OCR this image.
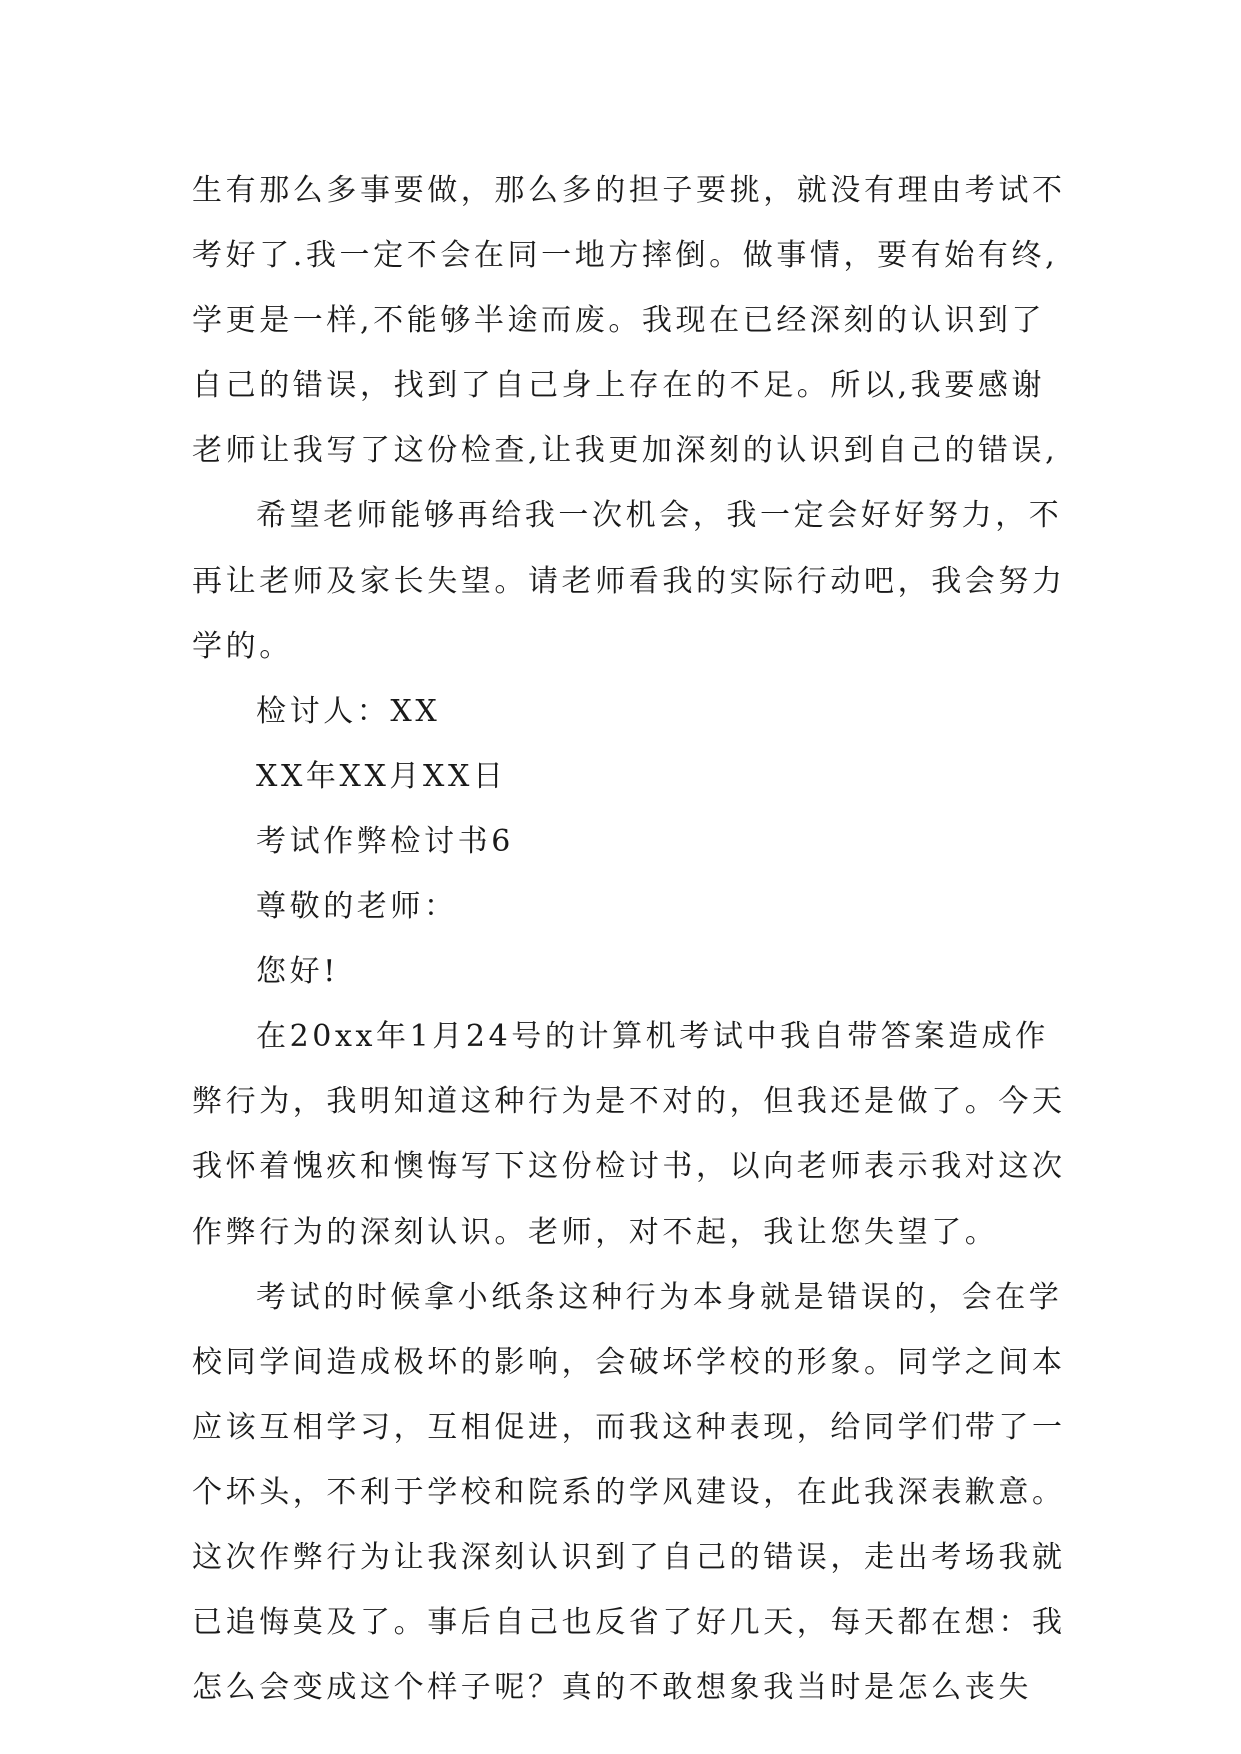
生有那么多事要做，那么多的担子要挑，就没有理由考试不
考好了.我一定不会在同一地方摔倒。做事情，要有始有终,
学更是一样,不能够半途而废。我现在已经深刻的认识到了
自己的错误，找到了自己身上存在的不足。所以,我要感谢
老师让我写了这份检查,让我更加深刻的认识到自己的错误,
希望老师能够再给我一次机会，我一定会好好努力，不
再让老师及家长失望。请老师看我的实际行动吧，我会努力
学的。
检讨人：XX
XX年XX月XX日
考试作弊检讨书6
尊敬的老师：
您好!
在20xx年1月24号的计算机考试中我自带答案造成作
弊行为，我明知道这种行为是不对的，但我还是做了。今天
我怀着愧疚和懊悔写下这份检讨书，以向老师表示我对这次
作弊行为的深刻认识。老师，对不起，我让您失望了。
考试的时候拿小纸条这种行为本身就是错误的，会在学
校同学间造成极坏的影响，会破坏学校的形象。同学之间本
应该互相学习，互相促进，而我这种表现，给同学们带了一
个坏头，不利于学校和院系的学风建设，在此我深表歉意。
这次作弊行为让我深刻认识到了自己的错误，走出考场我就
已追悔莫及了。事后自己也反省了好几天，每天都在想：我
怎么会变成这个样子呢？真的不敢想象我当时是怎么丧失
